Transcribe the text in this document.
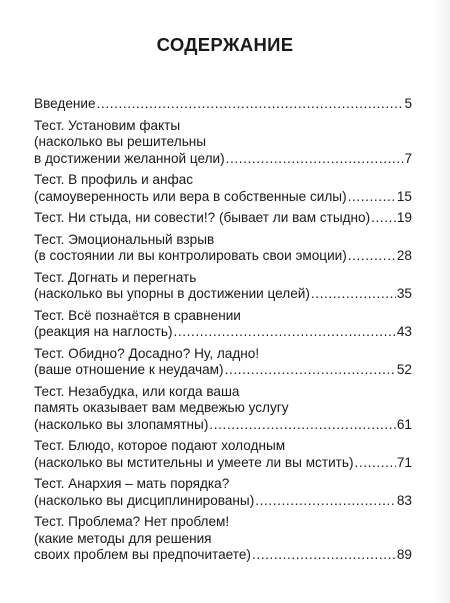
СОДЕРЖАНИЕ
Введение .....	5
Тест. Установим факты
(насколько вы решительны
в достижении желанной цели) .....	7
Тест. В профиль и анфас
(самоуверенность или вера в собственные силы) .....	15
Тест. Ни стыда, ни совести!? (бывает ли вам стыдно) ..... 19
Тест. Эмоциональный взрыв
(в состоянии ли вы контролировать свои эмоции) .....	28
Тест. Догнать и перегнать
(насколько вы упорны в достижении целей) .....	35
Тест. Всё познаётся в сравнении
(реакция на наглость) .....	43
Тест. Обидно? Досадно? Ну, ладно!
(ваше отношение к неудачам) .....	52
Тест. Незабудка, или когда ваша
память оказывает вам медвежью услугу
(насколько вы злопамятны) .....	61
Тест. Блюдо, которое подают холодным
(насколько вы мстительны и умеете ли вы мстить) .....	71
Тест. Анархия – мать порядка?
(насколько вы дисциплинированы) .....	83
Тест. Проблема? Нет проблем!
(какие методы для решения
своих проблем вы предпочитаете) .....	89
